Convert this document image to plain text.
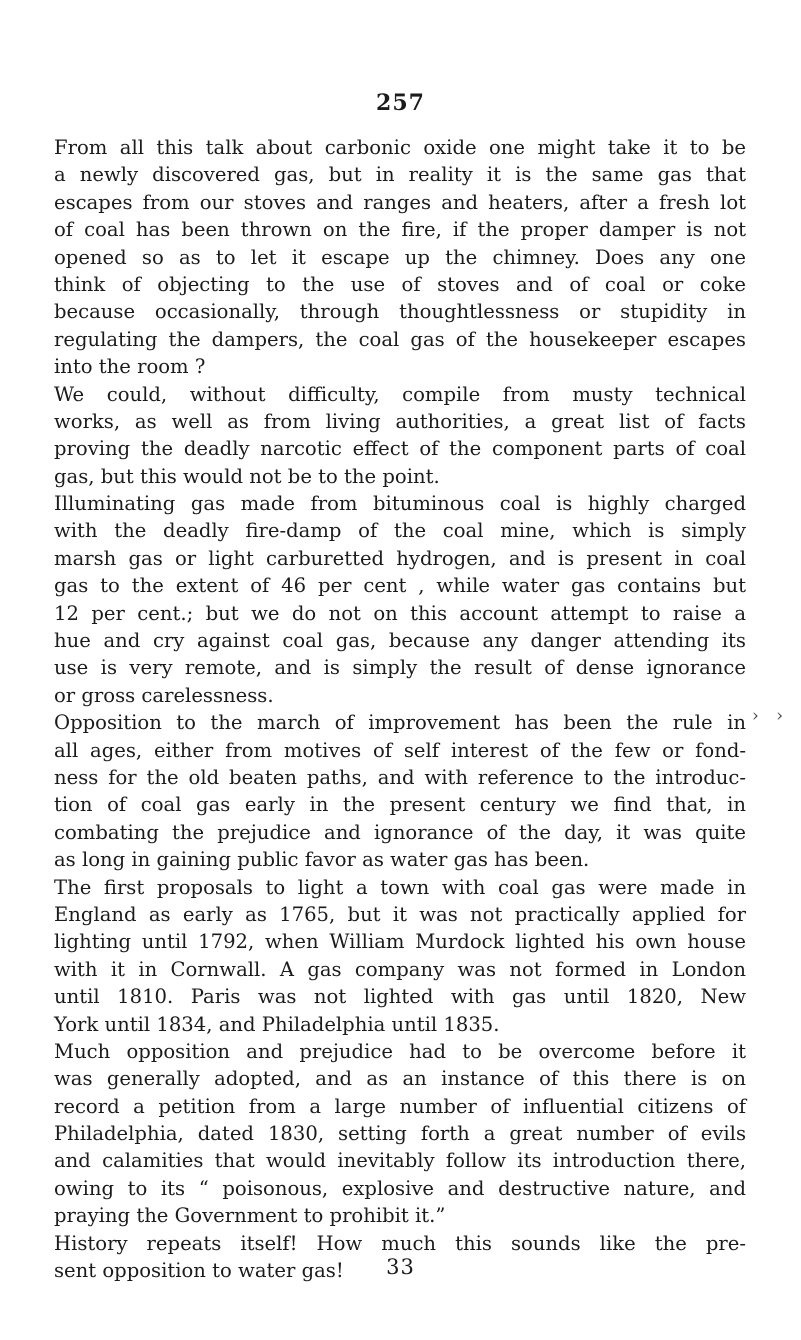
257
From all this talk about carbonic oxide one might take it to be
a newly discovered gas, but in reality it is the same gas that
escapes from our stoves and ranges and heaters, after a fresh lot
of coal has been thrown on the fire, if the proper damper is not
opened so as to let it escape up the chimney. Does any one
think of objecting to the use of stoves and of coal or coke
because occasionally, through thoughtlessness or stupidity in
regulating the dampers, the coal gas of the housekeeper escapes
into the room ?
We could, without difficulty, compile from musty technical
works, as well as from living authorities, a great list of facts
proving the deadly narcotic effect of the component parts of coal
gas, but this would not be to the point.
Illuminating gas made from bituminous coal is highly charged
with the deadly fire-damp of the coal mine, which is simply
marsh gas or light carburetted hydrogen, and is present in coal
gas to the extent of 46 per cent , while water gas contains but
12 per cent.; but we do not on this account attempt to raise a
hue and cry against coal gas, because any danger attending its
use is very remote, and is simply the result of dense ignorance
or gross carelessness.
Opposition to the march of improvement has been the rule in
all ages, either from motives of self interest of the few or fond-
ness for the old beaten paths, and with reference to the introduc-
tion of coal gas early in the present century we find that, in
combating the prejudice and ignorance of the day, it was quite
as long in gaining public favor as water gas has been.
The first proposals to light a town with coal gas were made in
England as early as 1765, but it was not practically applied for
lighting until 1792, when William Murdock lighted his own house
with it in Cornwall. A gas company was not formed in London
until 1810. Paris was not lighted with gas until 1820, New
York until 1834, and Philadelphia until 1835.
Much opposition and prejudice had to be overcome before it
was generally adopted, and as an instance of this there is on
record a petition from a large number of influential citizens of
Philadelphia, dated 1830, setting forth a great number of evils
and calamities that would inevitably follow its introduction there,
owing to its “ poisonous, explosive and destructive nature, and
praying the Government to prohibit it.”
History repeats itself! How much this sounds like the pre-
sent opposition to water gas!
› ›
33
